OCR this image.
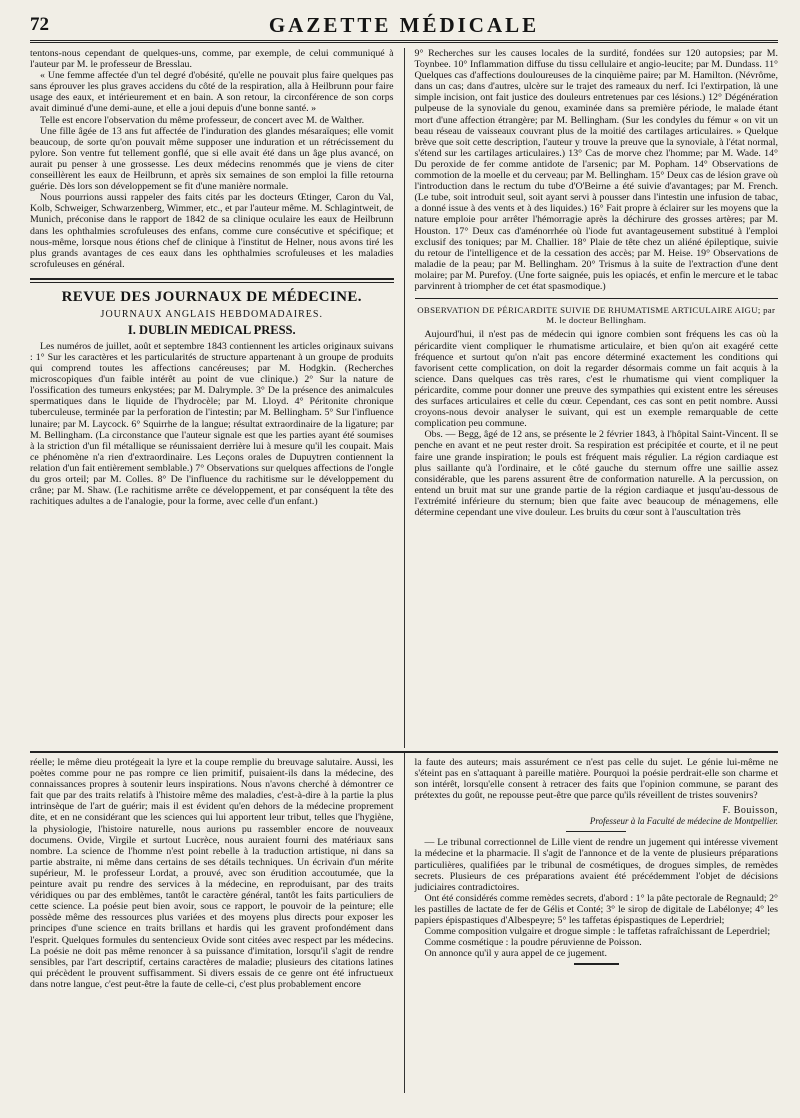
72	GAZETTE MÉDICALE

tentons-nous cependant de quelques-uns, comme, par exemple, de celui communiqué à l'auteur par M. le professeur de Bresslau.

« Une femme affectée d'un tel degré d'obésité, qu'elle ne pouvait plus faire quelques pas sans éprouver les plus graves accidens du côté de la respiration, alla à Heilbrunn pour faire usage des eaux, et intérieurement et en bain. A son retour, la circonférence de son corps avait diminué d'une demi-aune, et elle a joui depuis d'une bonne santé. »

Telle est encore l'observation du même professeur, de concert avec M. de Walther.

Une fille âgée de 13 ans fut affectée de l'induration des glandes mésaraïques; elle vomit beaucoup, de sorte qu'on pouvait même supposer une induration et un rétrécissement du pylore. Son ventre fut tellement gonflé, que si elle avait été dans un âge plus avancé, on aurait pu penser à une grossesse. Les deux médecins renommés que je viens de citer conseillèrent les eaux de Heilbrunn, et après six semaines de son emploi la fille retourna guérie. Dès lors son développement se fit d'une manière normale.

Nous pourrions aussi rappeler des faits cités par les docteurs Œtinger, Caron du Val, Kolb, Schweiger, Schwarzenberg, Wimmer, etc., et par l'auteur même. M. Schlagintweit, de Munich, préconise dans le rapport de 1842 de sa clinique oculaire les eaux de Heilbrunn dans les ophthalmies scrofuleuses des enfans, comme cure consécutive et spécifique; et nous-même, lorsque nous étions chef de clinique à l'institut de Helner, nous avons tiré les plus grands avantages de ces eaux dans les ophthalmies scrofuleuses et les maladies scrofuleuses en général.

REVUE DES JOURNAUX DE MÉDECINE.
JOURNAUX ANGLAIS HEBDOMADAIRES.
I. DUBLIN MEDICAL PRESS.

Les numéros de juillet, août et septembre 1843 contiennent les articles originaux suivans : 1° Sur les caractères et les particularités de structure appartenant à un groupe de produits qui comprend toutes les affections cancéreuses; par M. Hodgkin. (Recherches microscopiques d'un faible intérêt au point de vue clinique.) 2° Sur la nature de l'ossification des tumeurs enkystées; par M. Dalrymple. 3° De la présence des animalcules spermatiques dans le liquide de l'hydrocèle; par M. Lloyd. 4° Péritonite chronique tuberculeuse, terminée par la perforation de l'intestin; par M. Bellingham. 5° Sur l'influence lunaire; par M. Laycock. 6° Squirrhe de la langue; résultat extraordinaire de la ligature; par M. Bellingham. (La circonstance que l'auteur signale est que les parties ayant été soumises à la striction d'un fil métallique se réunissaient derrière lui à mesure qu'il les coupait. Mais ce phénomène n'a rien d'extraordinaire. Les Leçons orales de Dupuytren contiennent la relation d'un fait entièrement semblable.) 7° Observations sur quelques affections de l'ongle du gros orteil; par M. Colles. 8° De l'influence du rachitisme sur le développement du crâne; par M. Shaw. (Le rachitisme arrête ce développement, et par conséquent la tête des rachitiques adultes a de l'analogie, pour la forme, avec celle d'un enfant.)

9° Recherches sur les causes locales de la surdité, fondées sur 120 autopsies; par M. Toynbee. 10° Inflammation diffuse du tissu cellulaire et angio-leucite; par M. Dundass. 11° Quelques cas d'affections douloureuses de la cinquième paire; par M. Hamilton. (Névrôme, dans un cas; dans d'autres, ulcère sur le trajet des rameaux du nerf. Ici l'extirpation, là une simple incision, ont fait justice des douleurs entretenues par ces lésions.) 12° Dégénération pulpeuse de la synoviale du genou, examinée dans sa première période, le malade étant mort d'une affection étrangère; par M. Bellingham. (Sur les condyles du fémur « on vit un beau réseau de vaisseaux couvrant plus de la moitié des cartilages articulaires. » Quelque brève que soit cette description, l'auteur y trouve la preuve que la synoviale, à l'état normal, s'étend sur les cartilages articulaires.) 13° Cas de morve chez l'homme; par M. Wade. 14° Du peroxide de fer comme antidote de l'arsenic; par M. Popham. 14° Observations de commotion de la moelle et du cerveau; par M. Bellingham. 15° Deux cas de lésion grave où l'introduction dans le rectum du tube d'O'Beirne a été suivie d'avantages; par M. French. (Le tube, soit introduit seul, soit ayant servi à pousser dans l'intestin une infusion de tabac, a donné issue à des vents et à des liquides.) 16° Fait propre à éclairer sur les moyens que la nature emploie pour arrêter l'hémorragie après la déchirure des grosses artères; par M. Houston. 17° Deux cas d'aménorrhée où l'iode fut avantageusement substitué à l'emploi exclusif des toniques; par M. Challier. 18° Plaie de tête chez un aliéné épileptique, suivie du retour de l'intelligence et de la cessation des accès; par M. Heise. 19° Observations de maladie de la peau; par M. Bellingham. 20° Trismus à la suite de l'extraction d'une dent molaire; par M. Purefoy. (Une forte saignée, puis les opiacés, et enfin le mercure et le tabac parvinrent à triompher de cet état spasmodique.)

OBSERVATION DE PÉRICARDITE SUIVIE DE RHUMATISME ARTICULAIRE AIGU; par M. le docteur Bellingham.

Aujourd'hui, il n'est pas de médecin qui ignore combien sont fréquens les cas où la péricardite vient compliquer le rhumatisme articulaire, et bien qu'on ait exagéré cette fréquence et surtout qu'on n'ait pas encore déterminé exactement les conditions qui favorisent cette complication, on doit la regarder désormais comme un fait acquis à la science. Dans quelques cas très rares, c'est le rhumatisme qui vient compliquer la péricardite, comme pour donner une preuve des sympathies qui existent entre les séreuses des surfaces articulaires et celle du cœur. Cependant, ces cas sont en petit nombre. Aussi croyons-nous devoir analyser le suivant, qui est un exemple remarquable de cette complication peu commune.

Obs. — Begg, âgé de 12 ans, se présente le 2 février 1843, à l'hôpital Saint-Vincent. Il se penche en avant et ne peut rester droit. Sa respiration est précipitée et courte, et il ne peut faire une grande inspiration; le pouls est fréquent mais régulier. La région cardiaque est plus saillante qu'à l'ordinaire, et le côté gauche du sternum offre une saillie assez considérable, que les parens assurent être de conformation naturelle. A la percussion, on entend un bruit mat sur une grande partie de la région cardiaque et jusqu'au-dessous de l'extrémité inférieure du sternum; bien que faite avec beaucoup de ménagemens, elle détermine cependant une vive douleur. Les bruits du cœur sont à l'auscultation très

réelle; le même dieu protégeait la lyre et la coupe remplie du breuvage salutaire. Aussi, les poètes comme pour ne pas rompre ce lien primitif, puisaient-ils dans la médecine, des connaissances propres à soutenir leurs inspirations. Nous n'avons cherché à démontrer ce fait que par des traits relatifs à l'histoire même des maladies, c'est-à-dire à la partie la plus intrinsèque de l'art de guérir; mais il est évident qu'en dehors de la médecine proprement dite, et en ne considérant que les sciences qui lui apportent leur tribut, telles que l'hygiène, la physiologie, l'histoire naturelle, nous aurions pu rassembler encore de nouveaux documens. Ovide, Virgile et surtout Lucrèce, nous auraient fourni des matériaux sans nombre. La science de l'homme n'est point rebelle à la traduction artistique, ni dans sa partie abstraite, ni même dans certains de ses détails techniques. Un écrivain d'un mérite supérieur, M. le professeur Lordat, a prouvé, avec son érudition accoutumée, que la peinture avait pu rendre des services à la médecine, en reproduisant, par des traits véridiques ou par des emblèmes, tantôt le caractère général, tantôt les faits particuliers de cette science. La poésie peut bien avoir, sous ce rapport, le pouvoir de la peinture; elle possède même des ressources plus variées et des moyens plus directs pour exposer les principes d'une science en traits brillans et hardis qui les gravent profondément dans l'esprit. Quelques formules du sentencieux Ovide sont citées avec respect par les médecins. La poésie ne doit pas même renoncer à sa puissance d'imitation, lorsqu'il s'agit de rendre sensibles, par l'art descriptif, certains caractères de maladie; plusieurs des citations latines qui précèdent le prouvent suffisamment. Si divers essais de ce genre ont été infructueux dans notre langue, c'est peut-être la faute de celle-ci, c'est plus probablement encore

la faute des auteurs; mais assurément ce n'est pas celle du sujet. Le génie lui-même ne s'éteint pas en s'attaquant à pareille matière. Pourquoi la poésie perdrait-elle son charme et son intérêt, lorsqu'elle consent à retracer des faits que l'opinion commune, se parant des prétextes du goût, ne repousse peut-être que parce qu'ils réveillent de tristes souvenirs?

F. Bouisson,
Professeur à la Faculté de médecine de Montpellier.

— Le tribunal correctionnel de Lille vient de rendre un jugement qui intéresse vivement la médecine et la pharmacie. Il s'agit de l'annonce et de la vente de plusieurs préparations particulières, qualifiées par le tribunal de cosmétiques, de drogues simples, de remèdes secrets. Plusieurs de ces préparations avaient été précédemment l'objet de décisions judiciaires contradictoires.

Ont été considérés comme remèdes secrets, d'abord : 1° la pâte pectorale de Regnauld; 2° les pastilles de lactate de fer de Gélis et Conté; 3° le sirop de digitale de Labélonye; 4° les papiers épispastiques d'Albespeyre; 5° les taffetas épispastiques de Leperdriel;

Comme composition vulgaire et drogue simple : le taffetas rafraîchissant de Leperdriel;

Comme cosmétique : la poudre péruvienne de Poisson.

On annonce qu'il y aura appel de ce jugement.
